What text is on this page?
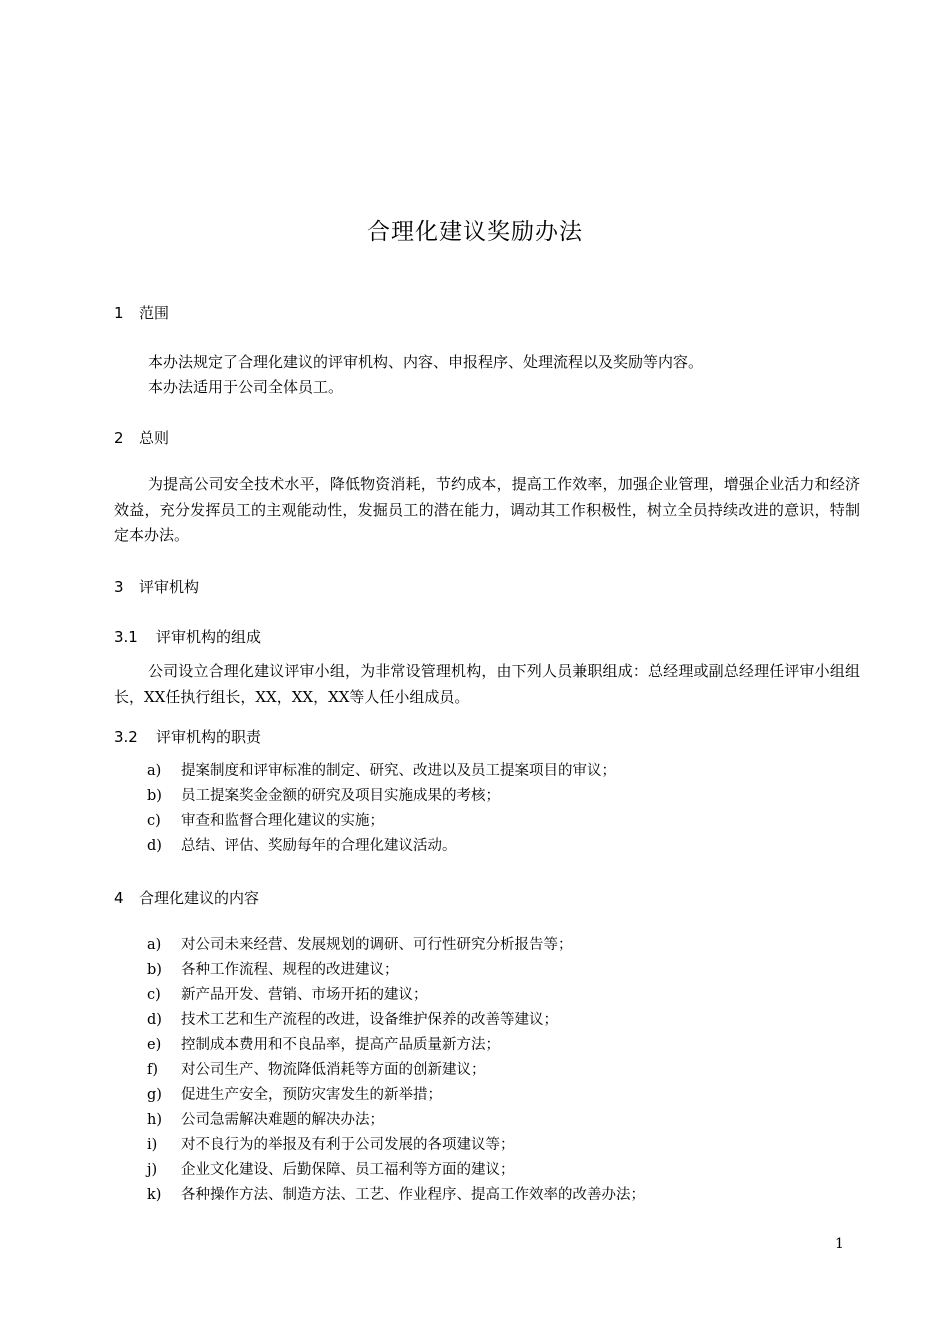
合理化建议奖励办法
1 范围
本办法规定了合理化建议的评审机构、内容、申报程序、处理流程以及奖励等内容。
本办法适用于公司全体员工。
2 总则
为提高公司安全技术水平，降低物资消耗，节约成本，提高工作效率，加强企业管理，增强企业活力和经济效益，充分发挥员工的主观能动性，发掘员工的潜在能力，调动其工作积极性，树立全员持续改进的意识，特制定本办法。
3 评审机构
3.1 评审机构的组成
公司设立合理化建议评审小组，为非常设管理机构，由下列人员兼职组成：总经理或副总经理任评审小组组长，XX任执行组长，XX，XX，XX等人任小组成员。
3.2 评审机构的职责
a) 提案制度和评审标准的制定、研究、改进以及员工提案项目的审议；
b) 员工提案奖金金额的研究及项目实施成果的考核；
c) 审查和监督合理化建议的实施；
d) 总结、评估、奖励每年的合理化建议活动。
4 合理化建议的内容
a) 对公司未来经营、发展规划的调研、可行性研究分析报告等；
b) 各种工作流程、规程的改进建议；
c) 新产品开发、营销、市场开拓的建议；
d) 技术工艺和生产流程的改进，设备维护保养的改善等建议；
e) 控制成本费用和不良品率，提高产品质量新方法；
f) 对公司生产、物流降低消耗等方面的创新建议；
g) 促进生产安全，预防灾害发生的新举措；
h) 公司急需解决难题的解决办法；
i) 对不良行为的举报及有利于公司发展的各项建议等；
j) 企业文化建设、后勤保障、员工福利等方面的建议；
k) 各种操作方法、制造方法、工艺、作业程序、提高工作效率的改善办法；
1
